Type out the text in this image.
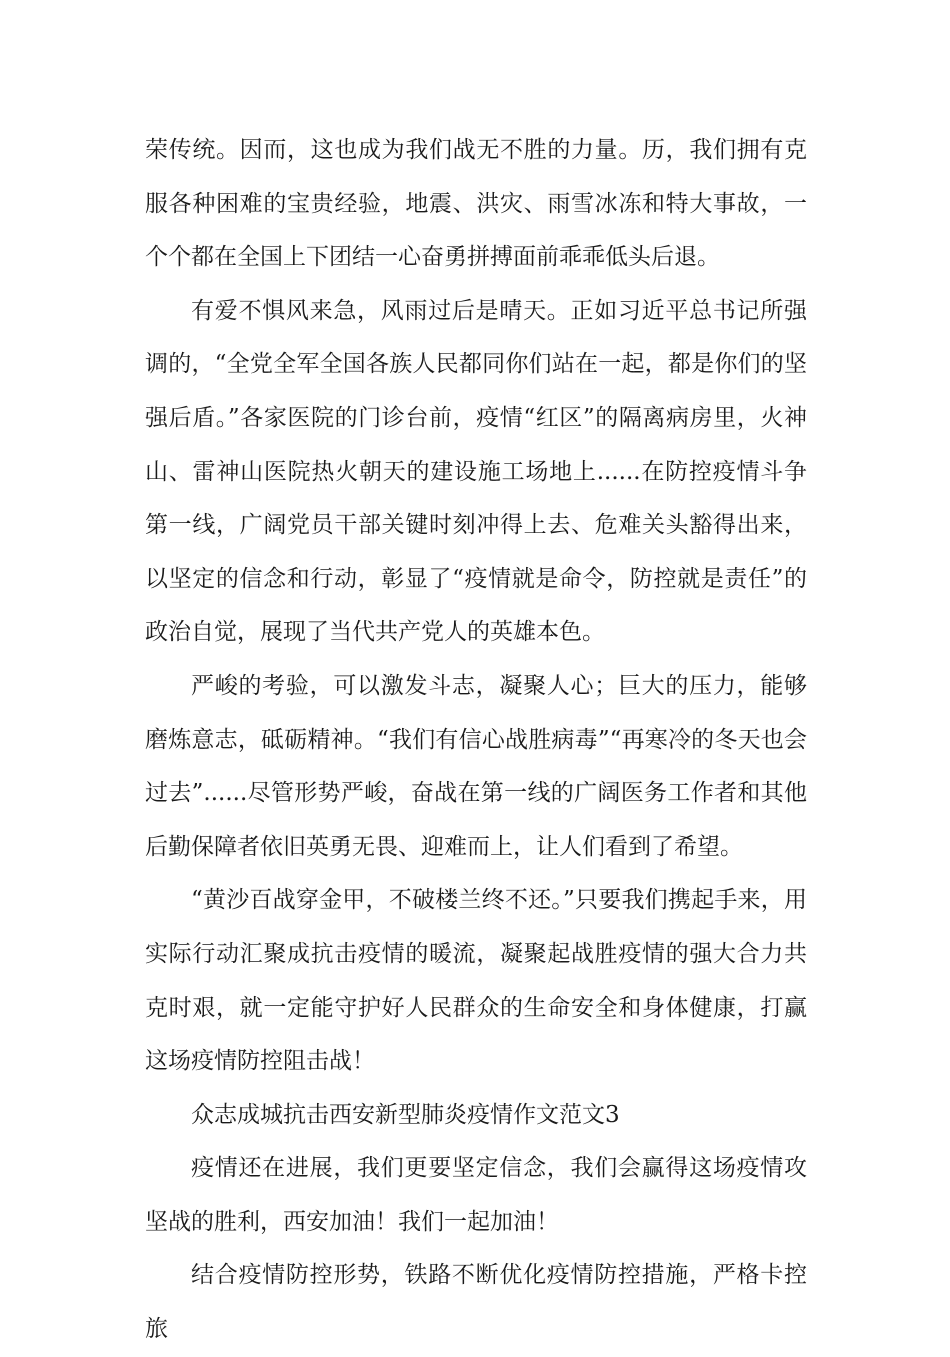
荣传统。因而，这也成为我们战无不胜的力量。历，我们拥有克服各种困难的宝贵经验，地震、洪灾、雨雪冰冻和特大事故，一个个都在全国上下团结一心奋勇拼搏面前乖乖低头后退。

有爱不惧风来急，风雨过后是晴天。正如习近平总书记所强调的，“全党全军全国各族人民都同你们站在一起，都是你们的坚强后盾。”各家医院的门诊台前，疫情“红区”的隔离病房里，火神山、雷神山医院热火朝天的建设施工场地上......在防控疫情斗争第一线，广阔党员干部关键时刻冲得上去、危难关头豁得出来，以坚定的信念和行动，彰显了“疫情就是命令，防控就是责任”的政治自觉，展现了当代共产党人的英雄本色。

严峻的考验，可以激发斗志，凝聚人心；巨大的压力，能够磨炼意志，砥砺精神。“我们有信心战胜病毒”“再寒冷的冬天也会过去”......尽管形势严峻，奋战在第一线的广阔医务工作者和其他后勤保障者依旧英勇无畏、迎难而上，让人们看到了希望。

“黄沙百战穿金甲，不破楼兰终不还。”只要我们携起手来，用实际行动汇聚成抗击疫情的暖流，凝聚起战胜疫情的强大合力共克时艰，就一定能守护好人民群众的生命安全和身体健康，打赢这场疫情防控阻击战！

众志成城抗击西安新型肺炎疫情作文范文3

疫情还在进展，我们更要坚定信念，我们会赢得这场疫情攻坚战的胜利，西安加油！我们一起加油！

结合疫情防控形势，铁路不断优化疫情防控措施，严格卡控旅
